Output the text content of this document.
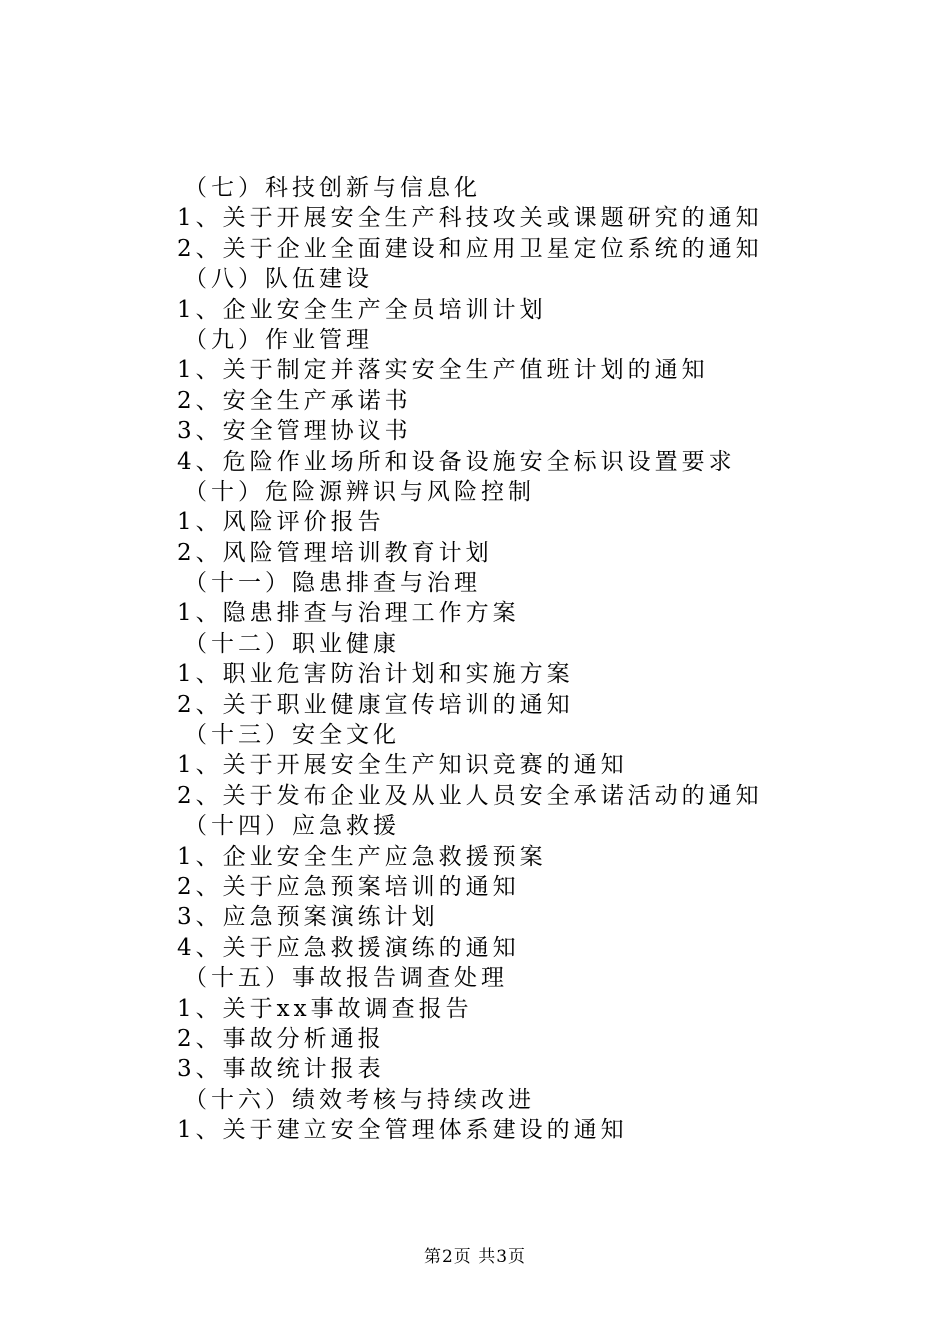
（七）科技创新与信息化
1、关于开展安全生产科技攻关或课题研究的通知
2、关于企业全面建设和应用卫星定位系统的通知
（八）队伍建设
1、企业安全生产全员培训计划
（九）作业管理
1、关于制定并落实安全生产值班计划的通知
2、安全生产承诺书
3、安全管理协议书
4、危险作业场所和设备设施安全标识设置要求
（十）危险源辨识与风险控制
1、风险评价报告
2、风险管理培训教育计划
（十一）隐患排查与治理
1、隐患排查与治理工作方案
（十二）职业健康
1、职业危害防治计划和实施方案
2、关于职业健康宣传培训的通知
（十三）安全文化
1、关于开展安全生产知识竞赛的通知
2、关于发布企业及从业人员安全承诺活动的通知
（十四）应急救援
1、企业安全生产应急救援预案
2、关于应急预案培训的通知
3、应急预案演练计划
4、关于应急救援演练的通知
（十五）事故报告调查处理
1、关于xx事故调查报告
2、事故分析通报
3、事故统计报表
（十六）绩效考核与持续改进
1、关于建立安全管理体系建设的通知
第2页 共3页
